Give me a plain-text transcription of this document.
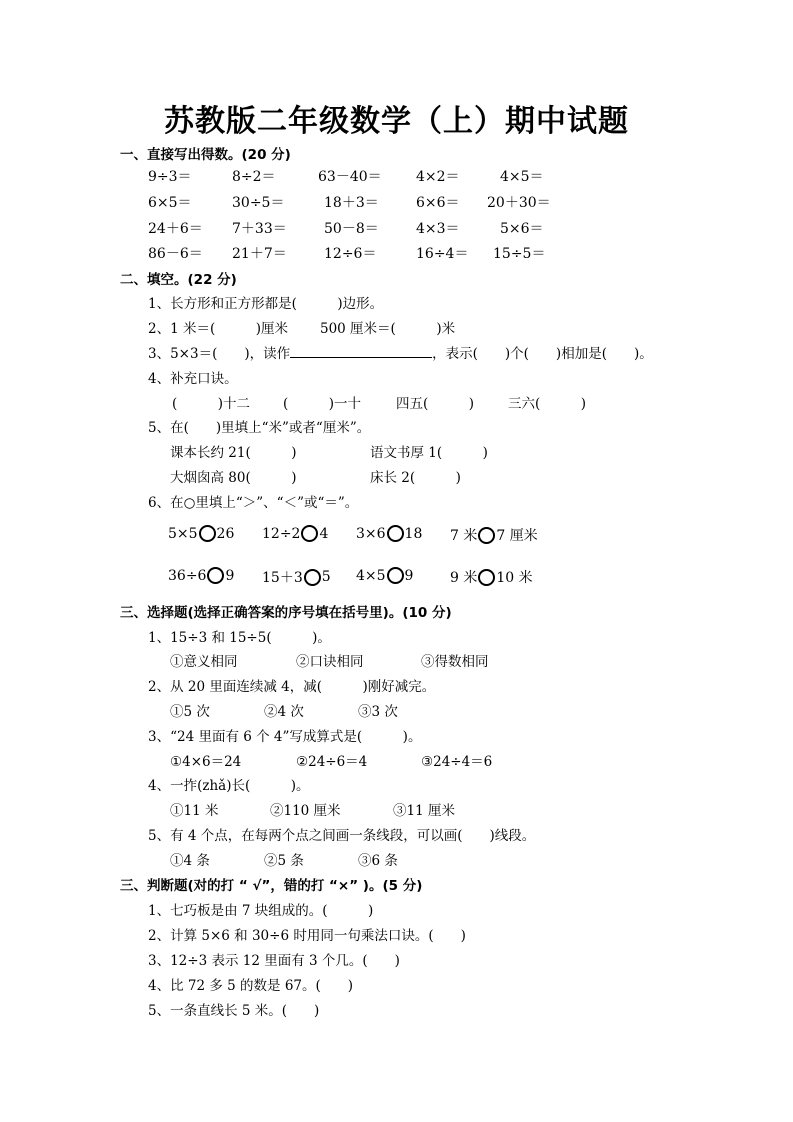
苏教版二年级数学（上）期中试题
一、直接写出得数。(20 分)
9÷3＝	8÷2＝	63－40＝ 4×2＝	4×5＝
6×5＝	30÷5＝	18＋3＝	6×6＝ 20＋30＝
24＋6＝ 7＋33＝	50－8＝	4×3＝	5×6＝
86－6＝ 21＋7＝	12÷6＝	16÷4＝ 15÷5＝
二、填空。(22 分)
1、长方形和正方形都是(　　　)边形。
2、1 米＝(　　　)厘米 500 厘米＝(　　　)米
3、5×3＝(　　)，读作	，表示(　　)个(　　)相加是(　　)。
4、补充口诀。
(　　　)十二 (　　　)一十	四五(　　　)	三六(　　　)
5、在(　　)里填上“米”或者“厘米”。
课本长约 21(　　　)	语文书厚 1(　　　)
大烟囱高 80(　　　)	床长 2(　　　)
6、在○里填上“＞”、“＜”或“＝”。
5×5 26 12÷2 4 3×6 18 7 米 7 厘米
36÷6 9 15＋3 5 4×5 9	9 米 10 米
三、选择题(选择正确答案的序号填在括号里)。(10 分)
1、15÷3 和 15÷5(　　　)。
①意义相同	②口诀相同	③得数相同
2、从 20 里面连续减 4，减(　　　)刚好减完。
①5 次	②4 次	③3 次
3、“24 里面有 6 个 4”写成算式是(　　　)。
①4×6＝24	②24÷6＝4	③24÷4＝6
4、一拃(zhǎ)长(　　　)。
①11 米	②110 厘米	③11 厘米
5、有 4 个点，在每两个点之间画一条线段，可以画(　　)线段。
①4 条	②5 条	③6 条
三、判断题(对的打 “ √”，错的打 “×” )。(5 分)
1、七巧板是由 7 块组成的。(　　　)
2、计算 5×6 和 30÷6 时用同一句乘法口诀。(　　)
3、12÷3 表示 12 里面有 3 个几。(　　)
4、比 72 多 5 的数是 67。(　　)
5、一条直线长 5 米。(　　)
